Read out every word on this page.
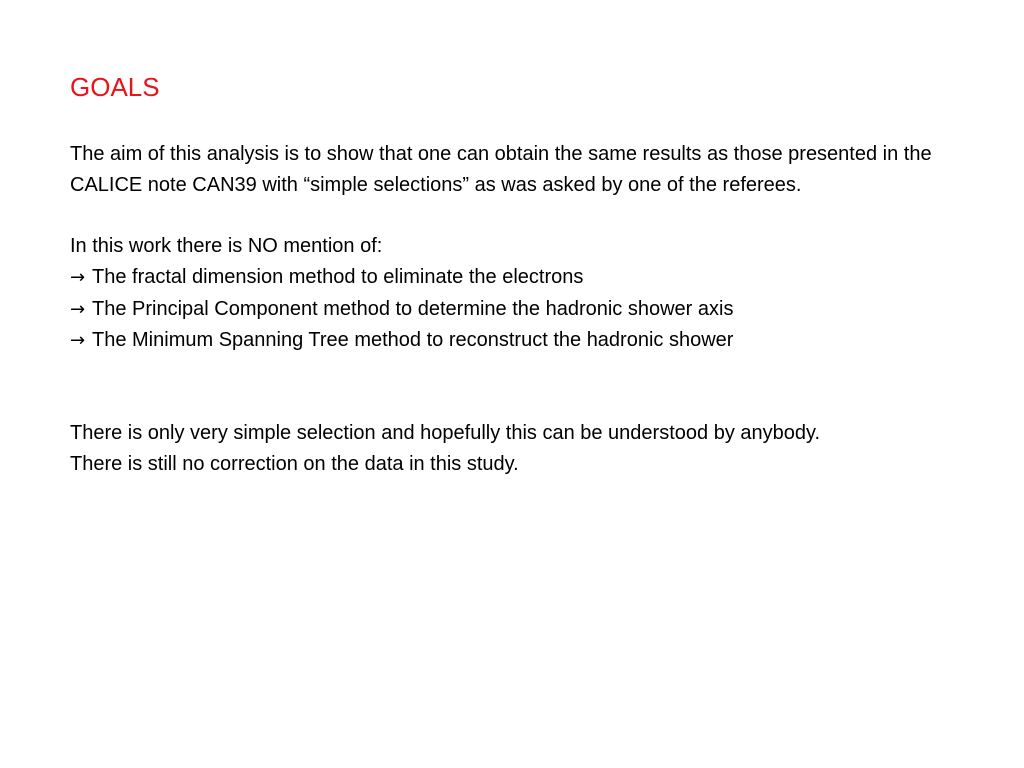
GOALS

The aim of this analysis is to show that one can obtain the same results as those presented in the CALICE note CAN39 with “simple selections” as was asked by one of the referees.

In this work there is NO mention of:

→ The fractal dimension method to eliminate the electrons
→ The Principal Component method to determine the hadronic shower axis
→ The Minimum Spanning Tree method to reconstruct the hadronic shower

There is only very simple selection and hopefully this can be understood by anybody.

There is still no correction on the data in this study.
